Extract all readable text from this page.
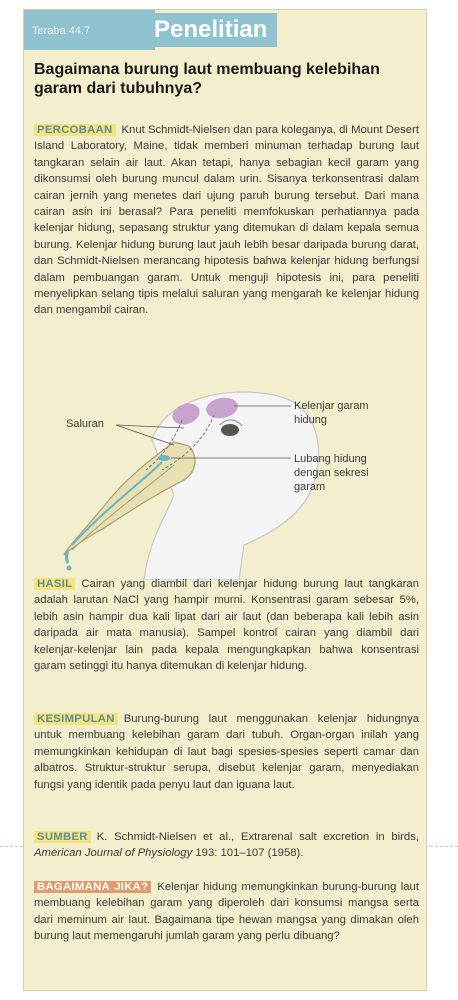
Teraba 44.7	Penelitian
Bagaimana burung laut membuang kelebihan garam dari tubuhnya?

PERCOBAAN Knut Schmidt-Nielsen dan para koleganya, di Mount Desert Island Laboratory, Maine, tidak memberi minuman terhadap burung laut tangkaran selain air laut. Akan tetapi, hanya sebagian kecil garam yang dikonsumsi oleh burung muncul dalam urin. Sisanya terkonsentrasi dalam cairan jernih yang menetes dari ujung paruh burung tersebut. Dari mana cairan asin ini berasal? Para peneliti memfokuskan perhatiannya pada kelenjar hidung, sepasang struktur yang ditemukan di dalam kepala semua burung. Kelenjar hidung burung laut jauh lebih besar daripada burung darat, dan Schmidt-Nielsen merancang hipotesis bahwa kelenjar hidung berfungsi dalam pembuangan garam. Untuk menguji hipotesis ini, para peneliti menyelipkan selang tipis melalui saluran yang mengarah ke kelenjar hidung dan mengambil cairan.

Saluran
Kelenjar garam hidung
Lubang hidung dengan sekresi garam

HASIL Cairan yang diambil dari kelenjar hidung burung laut tangkaran adalah larutan NaCl yang hampir murni. Konsentrasi garam sebesar 5%, lebih asin hampir dua kali lipat dari air laut (dan beberapa kali lebih asin daripada air mata manusia). Sampel kontrol cairan yang diambil dari kelenjar-kelenjar lain pada kepala mengungkapkan bahwa konsentrasi garam setinggi itu hanya ditemukan di kelenjar hidung.

KESIMPULAN Burung-burung laut menggunakan kelenjar hidungnya untuk membuang kelebihan garam dari tubuh. Organ-organ inilah yang memungkinkan kehidupan di laut bagi spesies-spesies seperti camar dan albatros. Struktur-struktur serupa, disebut kelenjar garam, menyediakan fungsi yang identik pada penyu laut dan iguana laut.

SUMBER K. Schmidt-Nielsen et al., Extrarenal salt excretion in birds, American Journal of Physiology 193: 101–107 (1958).

BAGAIMANA JIKA? Kelenjar hidung memungkinkan burung-burung laut membuang kelebihan garam yang diperoleh dari konsumsi mangsa serta dari meminum air laut. Bagaimana tipe hewan mangsa yang dimakan oleh burung laut memengaruhi jumlah garam yang perlu dibuang?
